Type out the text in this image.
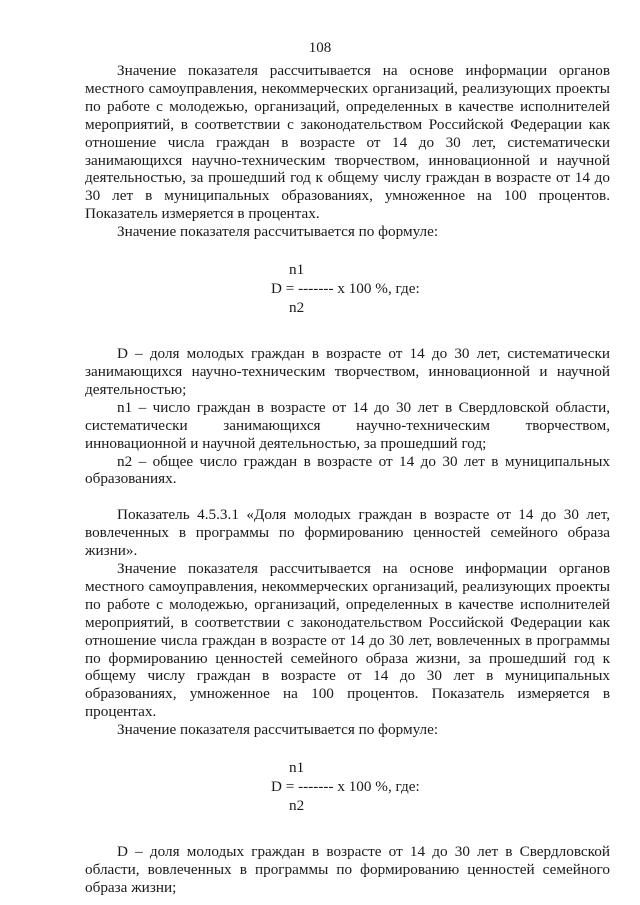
108

Значение показателя рассчитывается на основе информации органов местного самоуправления, некоммерческих организаций, реализующих проекты по работе с молодежью, организаций, определенных в качестве исполнителей мероприятий, в соответствии с законодательством Российской Федерации как отношение числа граждан в возрасте от 14 до 30 лет, систематически занимающихся научно-техническим творчеством, инновационной и научной деятельностью, за прошедший год к общему числу граждан в возрасте от 14 до 30 лет в муниципальных образованиях, умноженное на 100 процентов. Показатель измеряется в процентах.

Значение показателя рассчитывается по формуле:

n1
D = ------- x 100 %, где:
n2

D – доля молодых граждан в возрасте от 14 до 30 лет, систематически занимающихся научно-техническим творчеством, инновационной и научной деятельностью;

n1 – число граждан в возрасте от 14 до 30 лет в Свердловской области, систематически занимающихся научно-техническим творчеством, инновационной и научной деятельностью, за прошедший год;

n2 – общее число граждан в возрасте от 14 до 30 лет в муниципальных образованиях.

Показатель 4.5.3.1 «Доля молодых граждан в возрасте от 14 до 30 лет, вовлеченных в программы по формированию ценностей семейного образа жизни».

Значение показателя рассчитывается на основе информации органов местного самоуправления, некоммерческих организаций, реализующих проекты по работе с молодежью, организаций, определенных в качестве исполнителей мероприятий, в соответствии с законодательством Российской Федерации как отношение числа граждан в возрасте от 14 до 30 лет, вовлеченных в программы по формированию ценностей семейного образа жизни, за прошедший год к общему числу граждан в возрасте от 14 до 30 лет в муниципальных образованиях, умноженное на 100 процентов. Показатель измеряется в процентах.

Значение показателя рассчитывается по формуле:

n1
D = ------- x 100 %, где:
n2

D – доля молодых граждан в возрасте от 14 до 30 лет в Свердловской области, вовлеченных в программы по формированию ценностей семейного образа жизни;
